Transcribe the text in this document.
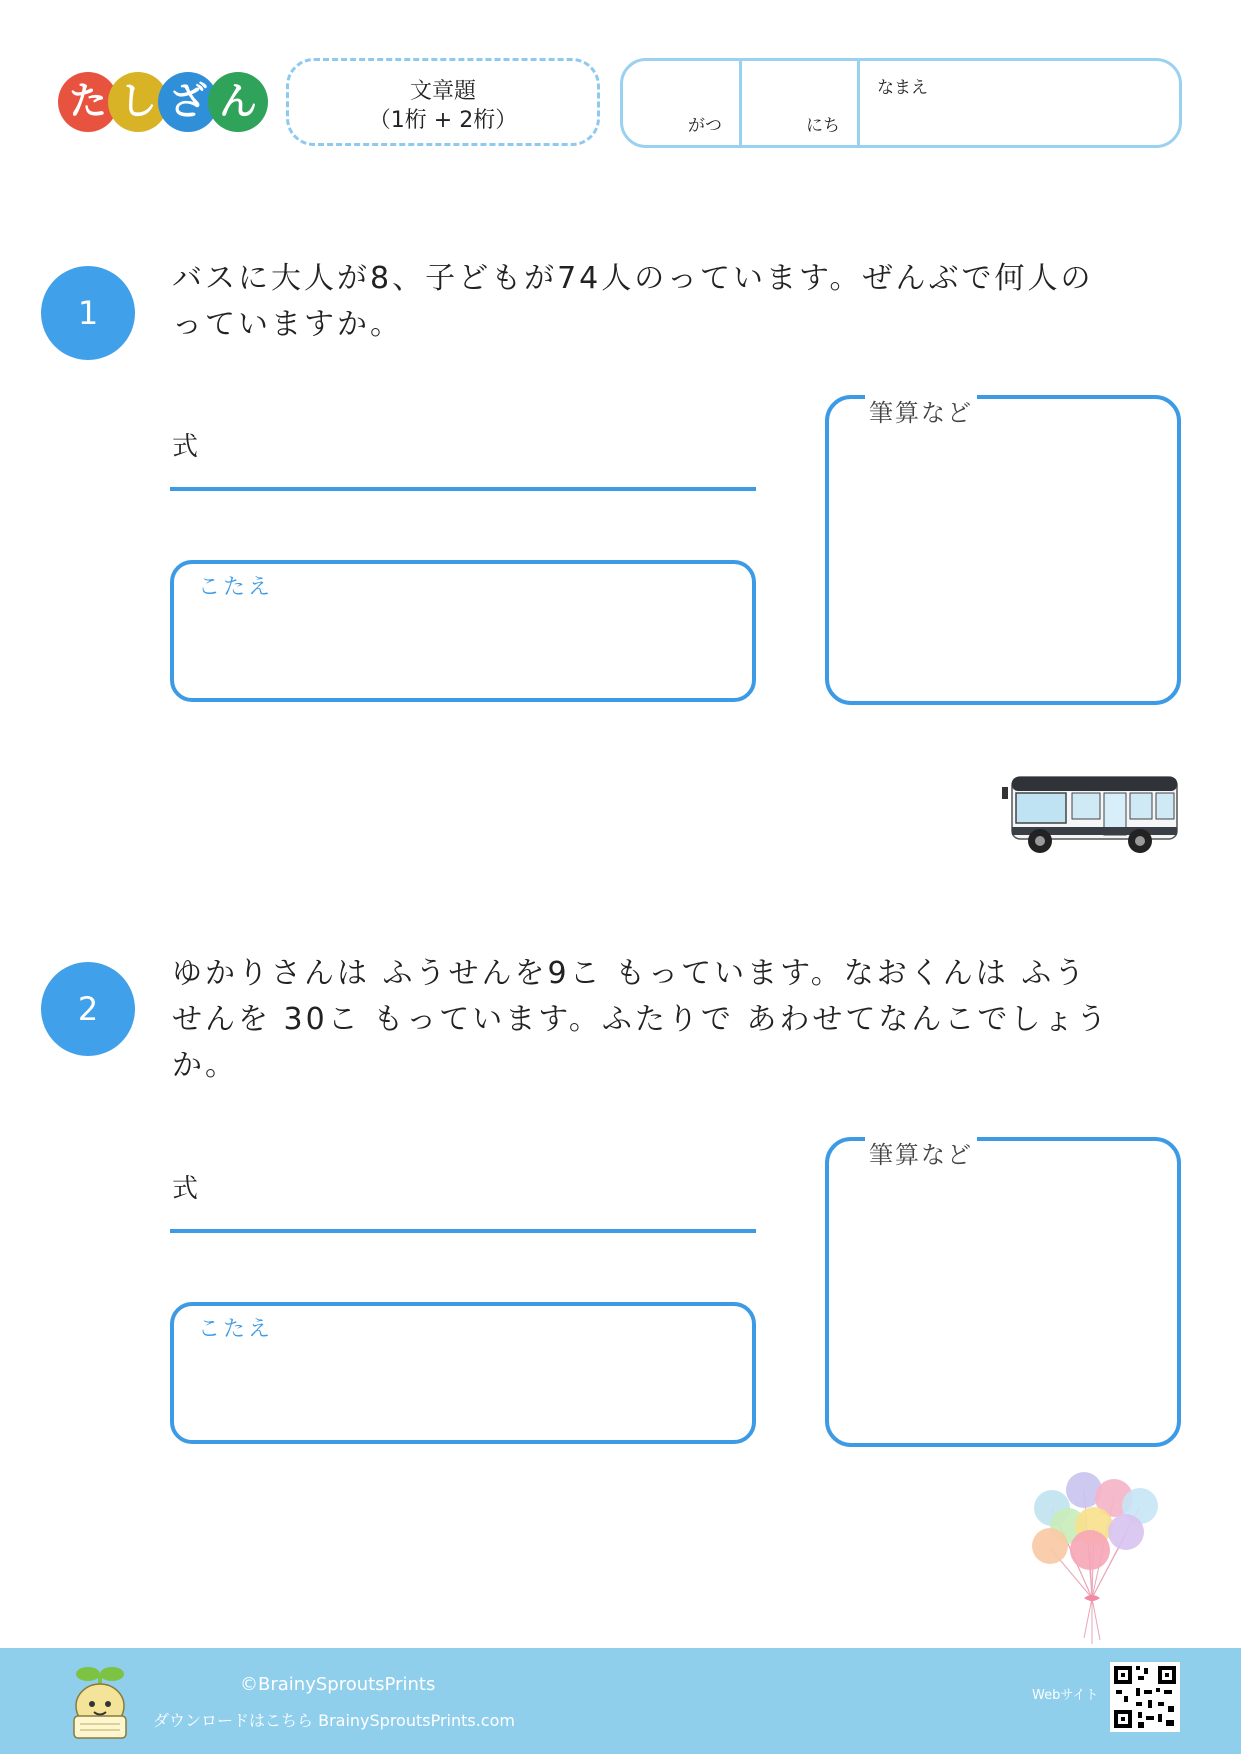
た し ざ ん	文章題
（1桁 + 2桁）	がつ	にち
なまえ
1
バスに大人が8、子どもが74人のっています。ぜんぶで何人の
っていますか。
式
こたえ
筆算など
2
ゆかりさんは ふうせんを9こ もっています。なおくんは ふう
せんを 30こ もっています。ふたりで あわせてなんこでしょう
か。
式
こたえ
筆算など
©BrainySproutsPrints
ダウンロードはこちら BrainySproutsPrints.com
Webサイト
